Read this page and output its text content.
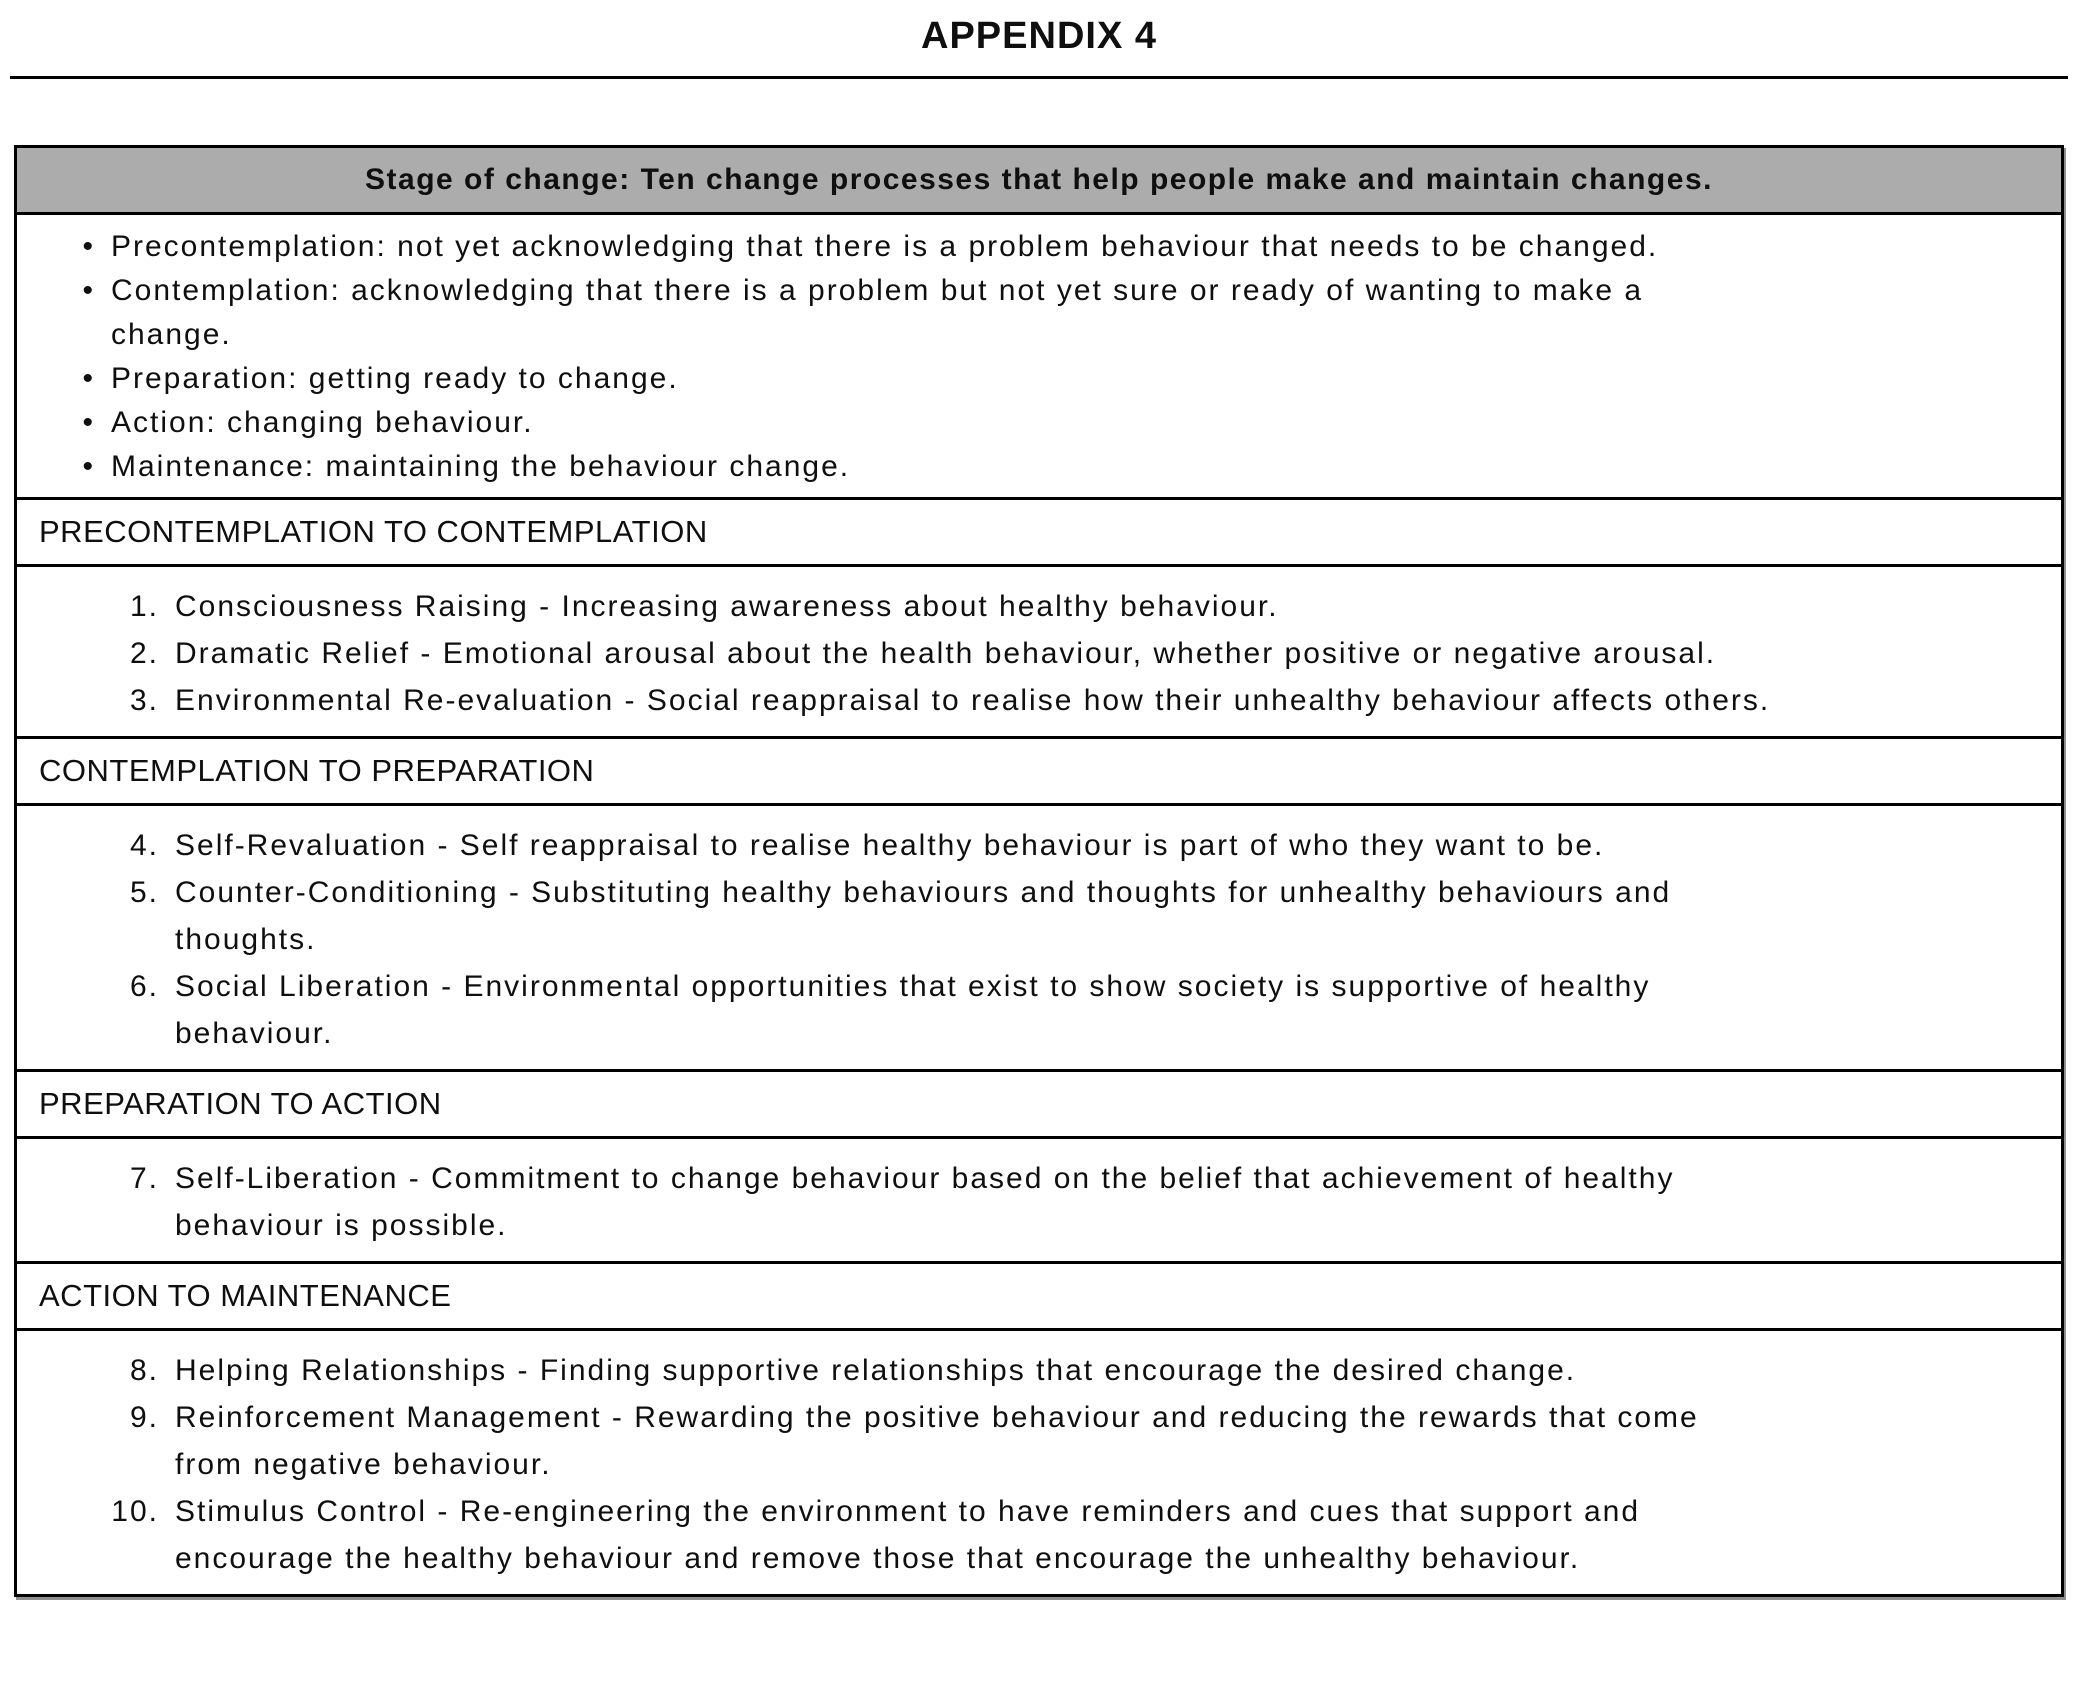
APPENDIX 4
Stage of change: Ten change processes that help people make and maintain changes.
• Precontemplation: not yet acknowledging that there is a problem behaviour that needs to be changed.
• Contemplation: acknowledging that there is a problem but not yet sure or ready of wanting to make a
change.
• Preparation: getting ready to change.
• Action: changing behaviour.
• Maintenance: maintaining the behaviour change.
PRECONTEMPLATION TO CONTEMPLATION
1. Consciousness Raising - Increasing awareness about healthy behaviour.
2. Dramatic Relief - Emotional arousal about the health behaviour, whether positive or negative arousal.
3. Environmental Re-evaluation - Social reappraisal to realise how their unhealthy behaviour affects others.
CONTEMPLATION TO PREPARATION
4. Self-Revaluation - Self reappraisal to realise healthy behaviour is part of who they want to be.
5. Counter-Conditioning - Substituting healthy behaviours and thoughts for unhealthy behaviours and
thoughts.
6. Social Liberation - Environmental opportunities that exist to show society is supportive of healthy
behaviour.
PREPARATION TO ACTION
7. Self-Liberation - Commitment to change behaviour based on the belief that achievement of healthy
behaviour is possible.
ACTION TO MAINTENANCE
8. Helping Relationships - Finding supportive relationships that encourage the desired change.
9. Reinforcement Management - Rewarding the positive behaviour and reducing the rewards that come
from negative behaviour.
10. Stimulus Control - Re-engineering the environment to have reminders and cues that support and
encourage the healthy behaviour and remove those that encourage the unhealthy behaviour.
